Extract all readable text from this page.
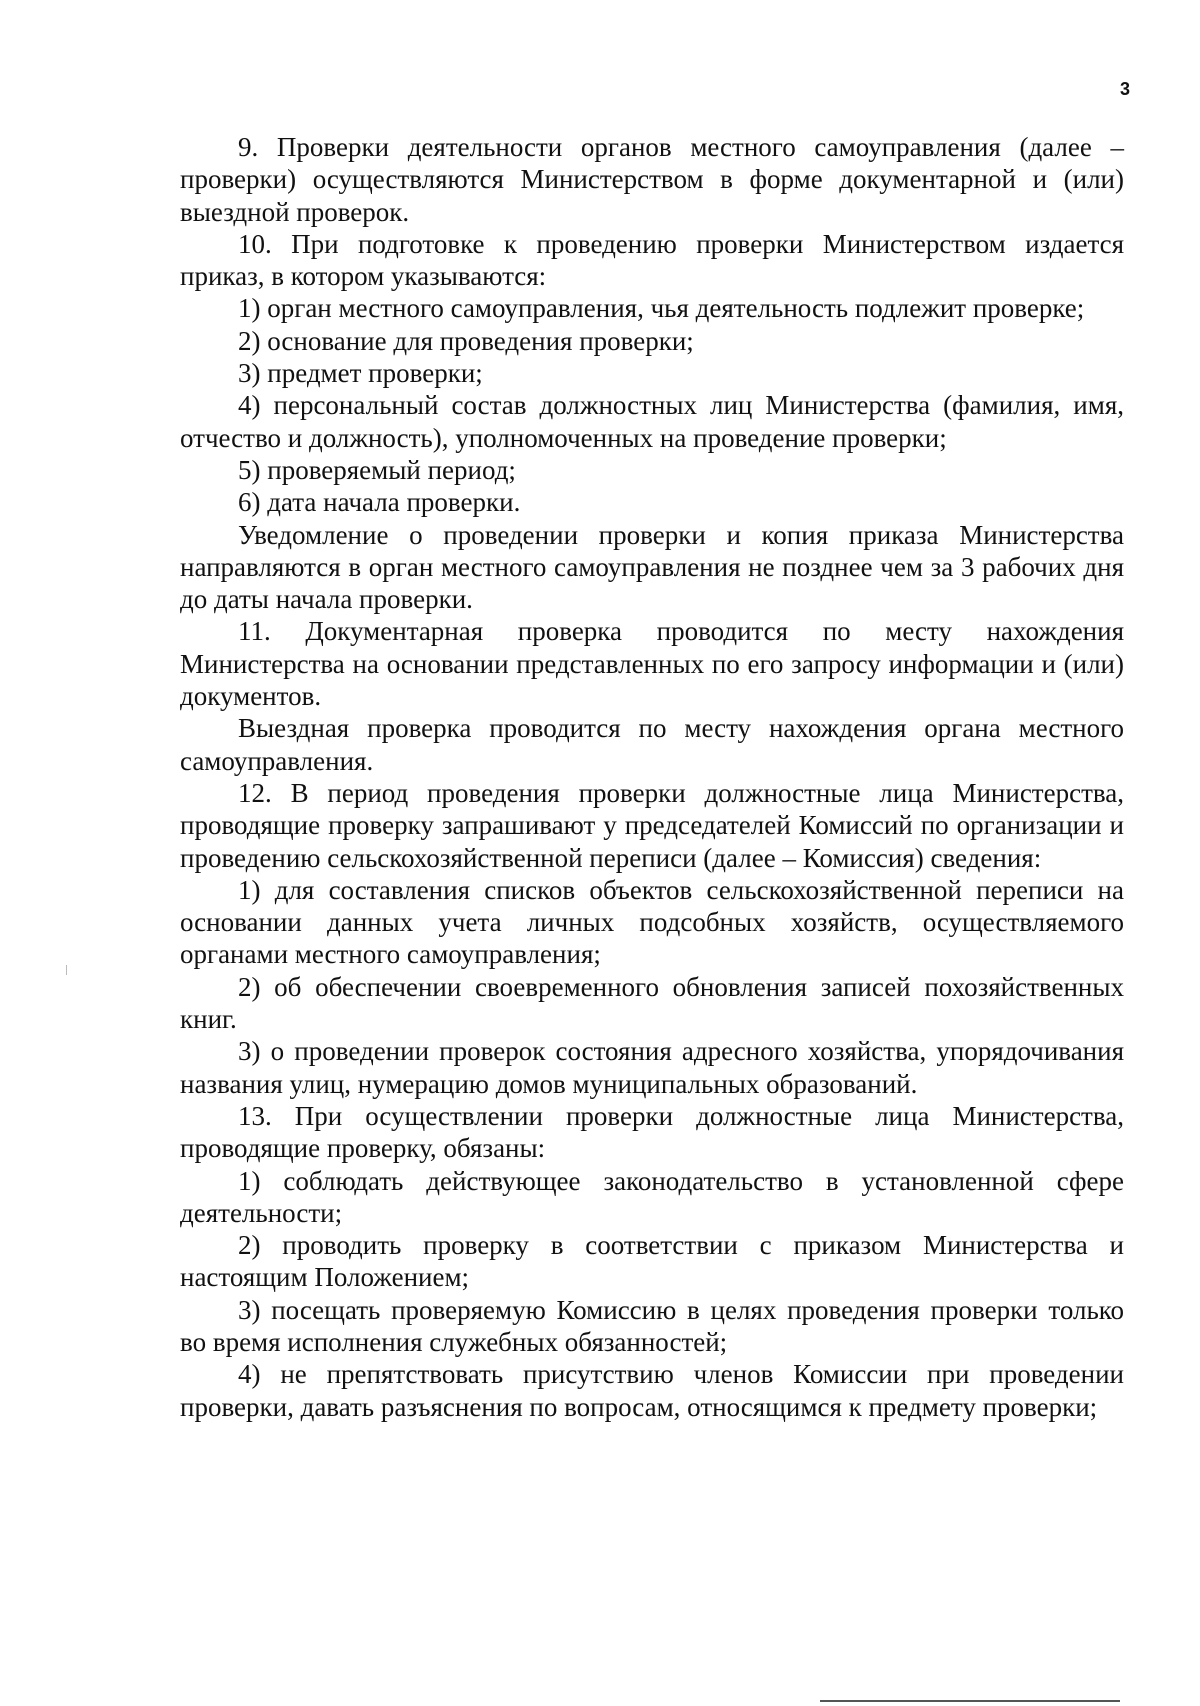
3

9. Проверки деятельности органов местного самоуправления (далее – проверки) осуществляются Министерством в форме документарной и (или) выездной проверок.

10. При подготовке к проведению проверки Министерством издается приказ, в котором указываются:

1) орган местного самоуправления, чья деятельность подлежит проверке;

2) основание для проведения проверки;

3) предмет проверки;

4) персональный состав должностных лиц Министерства (фамилия, имя, отчество и должность), уполномоченных на проведение проверки;

5) проверяемый период;

6) дата начала проверки.

Уведомление о проведении проверки и копия приказа Министерства направляются в орган местного самоуправления не позднее чем за 3 рабочих дня до даты начала проверки.

11. Документарная проверка проводится по месту нахождения Министерства на основании представленных по его запросу информации и (или) документов.

Выездная проверка проводится по месту нахождения органа местного самоуправления.

12. В период проведения проверки должностные лица Министерства, проводящие проверку запрашивают у председателей Комиссий по организации и проведению сельскохозяйственной переписи (далее – Комиссия) сведения:

1) для составления списков объектов сельскохозяйственной переписи на основании данных учета личных подсобных хозяйств, осуществляемого органами местного самоуправления;

2) об обеспечении своевременного обновления записей похозяйственных книг.

3) о проведении проверок состояния адресного хозяйства, упорядочивания названия улиц, нумерацию домов муниципальных образований.

13. При осуществлении проверки должностные лица Министерства, проводящие проверку, обязаны:

1) соблюдать действующее законодательство в установленной сфере деятельности;

2) проводить проверку в соответствии с приказом Министерства и настоящим Положением;

3) посещать проверяемую Комиссию в целях проведения проверки только во время исполнения служебных обязанностей;

4) не препятствовать присутствию членов Комиссии при проведении проверки, давать разъяснения по вопросам, относящимся к предмету проверки;
